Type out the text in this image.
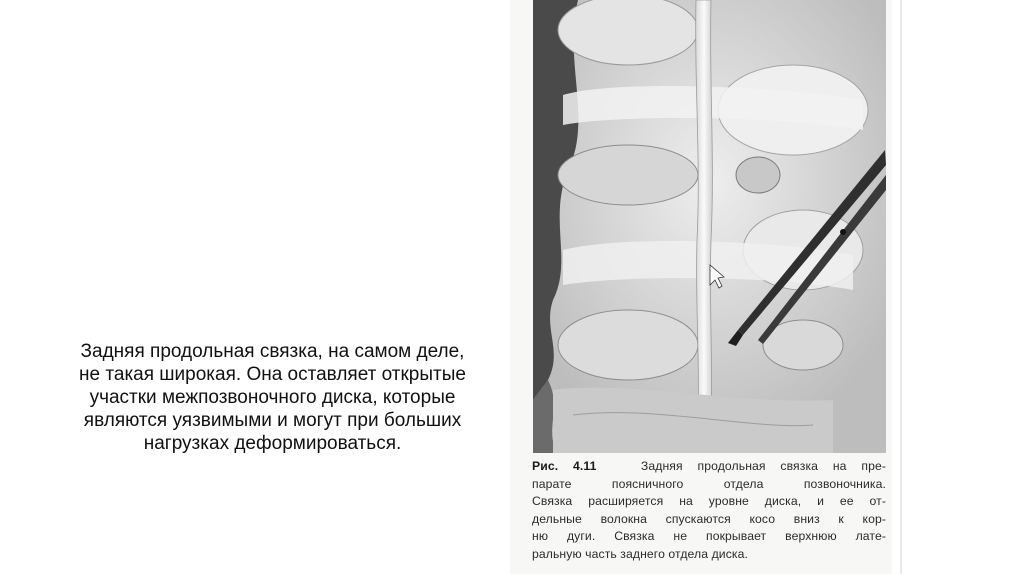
Задняя продольная связка, на самом деле,
не такая широкая. Она оставляет открытые
участки межпозвоночного диска, которые
являются уязвимыми и могут при больших
нагрузках деформироваться.
Рис. 4.11	Задняя продольная связка на пре-
парате поясничного отдела позвоночника.
Связка расширяется на уровне диска, и ее от-
дельные волокна спускаются косо вниз к кор-
ню дуги. Связка не покрывает верхнюю лате-
ральную часть заднего отдела диска.
